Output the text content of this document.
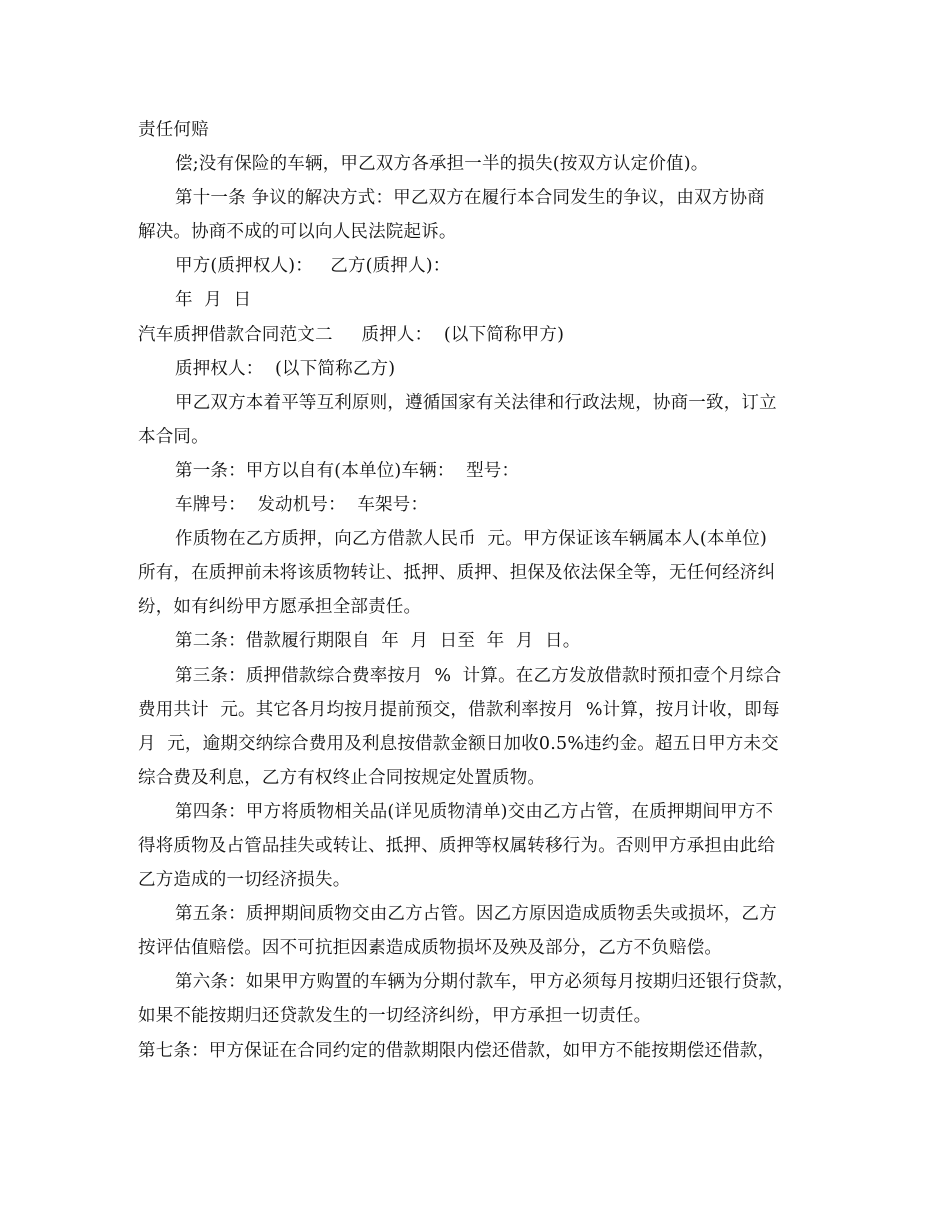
责任何赔
偿;没有保险的车辆，甲乙双方各承担一半的损失(按双方认定价值)。
第十一条 争议的解决方式：甲乙双方在履行本合同发生的争议，由双方协商
解决。协商不成的可以向人民法院起诉。
甲方(质押权人)：   乙方(质押人)：
年  月  日
汽车质押借款合同范文二     质押人：  (以下简称甲方)
质押权人：  (以下简称乙方)
甲乙双方本着平等互利原则，遵循国家有关法律和行政法规，协商一致，订立
本合同。
第一条：甲方以自有(本单位)车辆：  型号：
车牌号：  发动机号：  车架号：
作质物在乙方质押，向乙方借款人民币  元。甲方保证该车辆属本人(本单位)
所有，在质押前未将该质物转让、抵押、质押、担保及依法保全等，无任何经济纠
纷，如有纠纷甲方愿承担全部责任。
第二条：借款履行期限自  年  月  日至  年  月  日。
第三条：质押借款综合费率按月  %  计算。在乙方发放借款时预扣壹个月综合
费用共计  元。其它各月均按月提前预交，借款利率按月  %计算，按月计收，即每
月  元，逾期交纳综合费用及利息按借款金额日加收0.5%违约金。超五日甲方未交
综合费及利息，乙方有权终止合同按规定处置质物。
第四条：甲方将质物相关品(详见质物清单)交由乙方占管，在质押期间甲方不
得将质物及占管品挂失或转让、抵押、质押等权属转移行为。否则甲方承担由此给
乙方造成的一切经济损失。
第五条：质押期间质物交由乙方占管。因乙方原因造成质物丢失或损坏，乙方
按评估值赔偿。因不可抗拒因素造成质物损坏及殃及部分，乙方不负赔偿。
第六条：如果甲方购置的车辆为分期付款车，甲方必须每月按期归还银行贷款，
如果不能按期归还贷款发生的一切经济纠纷，甲方承担一切责任。
第七条：甲方保证在合同约定的借款期限内偿还借款，如甲方不能按期偿还借款，
